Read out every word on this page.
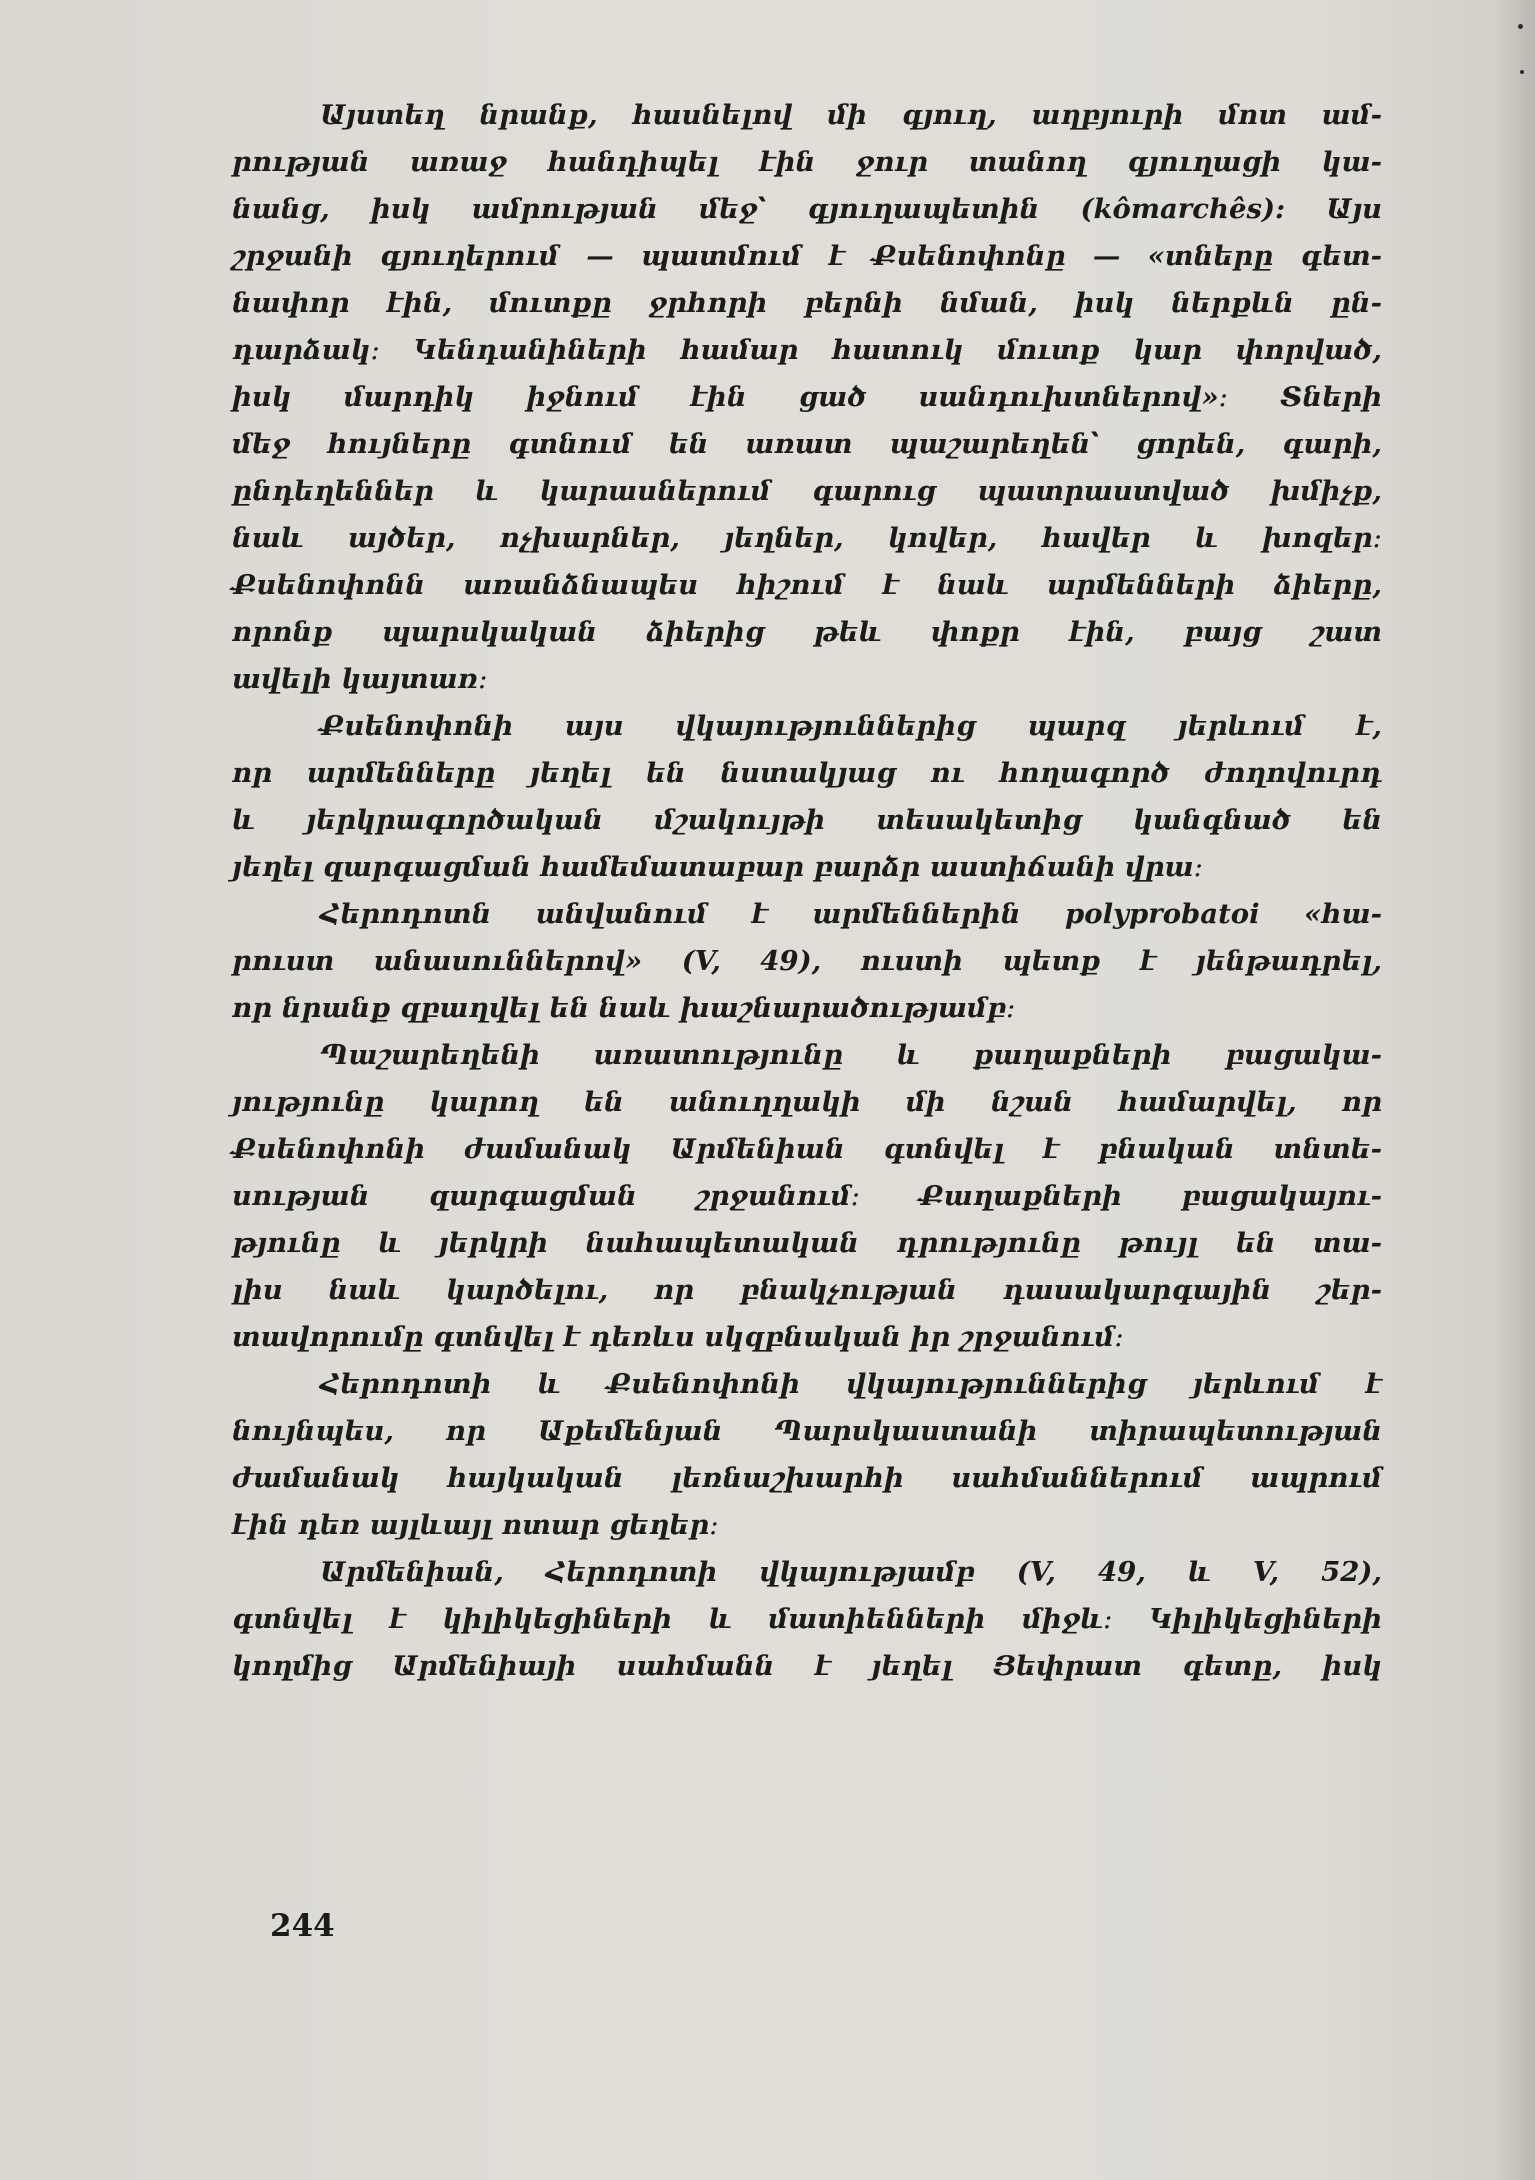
Այստեղ նրանք, հասնելով մի գյուղ, աղբյուրի մոտ ամ-
րության առաջ հանդիպել էին ջուր տանող գյուղացի կա-
նանց, իսկ ամրության մեջ՝ գյուղապետին (kômarchês): Այս
շրջանի գյուղերում — պատմում է Քսենոփոնը — «տները գետ-
նափոր էին, մուտքը ջրհորի բերնի նման, իսկ ներքևն ըն-
դարձակ։ Կենդանիների համար հատուկ մուտք կար փորված,
իսկ մարդիկ իջնում էին ցած սանդուխտներով»։ Տների
մեջ հույները գտնում են առատ պաշարեղեն՝ ցորեն, գարի,
ընդեղեններ և կարասներում գարուց պատրաստված խմիչք,
նաև այծեր, ոչխարներ, յեղներ, կովեր, հավեր և խոզեր։
Քսենոփոնն առանձնապես հիշում է նաև արմենների ձիերը,
որոնք պարսկական ձիերից թեև փոքր էին, բայց շատ
ավելի կայտառ։
Քսենոփոնի այս վկայություններից պարզ յերևում է,
որ արմենները յեղել են նստակյաց ու հողագործ ժողովուրդ
և յերկրագործական մշակույթի տեսակետից կանգնած են
յեղել զարգացման համեմատաբար բարձր աստիճանի վրա։
Հերոդոտն անվանում է արմեններին polyprobatoi «հա-
րուստ անասուններով» (V, 49), ուստի պետք է յենթադրել,
որ նրանք զբաղվել են նաև խաշնարածությամբ։
Պաշարեղենի առատությունը և քաղաքների բացակա-
յությունը կարող են անուղղակի մի նշան համարվել, որ
Քսենոփոնի ժամանակ Արմենիան գտնվել է բնական տնտե-
սության զարգացման շրջանում։ Քաղաքների բացակայու-
թյունը և յերկրի նահապետական դրությունը թույլ են տա-
լիս նաև կարծելու, որ բնակչության դասակարգային շեր-
տավորումը գտնվել է դեռևս սկզբնական իր շրջանում։
Հերոդոտի և Քսենոփոնի վկայություններից յերևում է
նույնպես, որ Աքեմենյան Պարսկաստանի տիրապետության
ժամանակ հայկական լեռնաշխարհի սահմաններում ապրում
էին դեռ այլևայլ ոտար ցեղեր։
Արմենիան, Հերոդոտի վկայությամբ (V, 49, և V, 52),
գտնվել է կիլիկեցիների և մատիենների միջև։ Կիլիկեցիների
կողմից Արմենիայի սահմանն է յեղել Յեփրատ գետը, իսկ
244
